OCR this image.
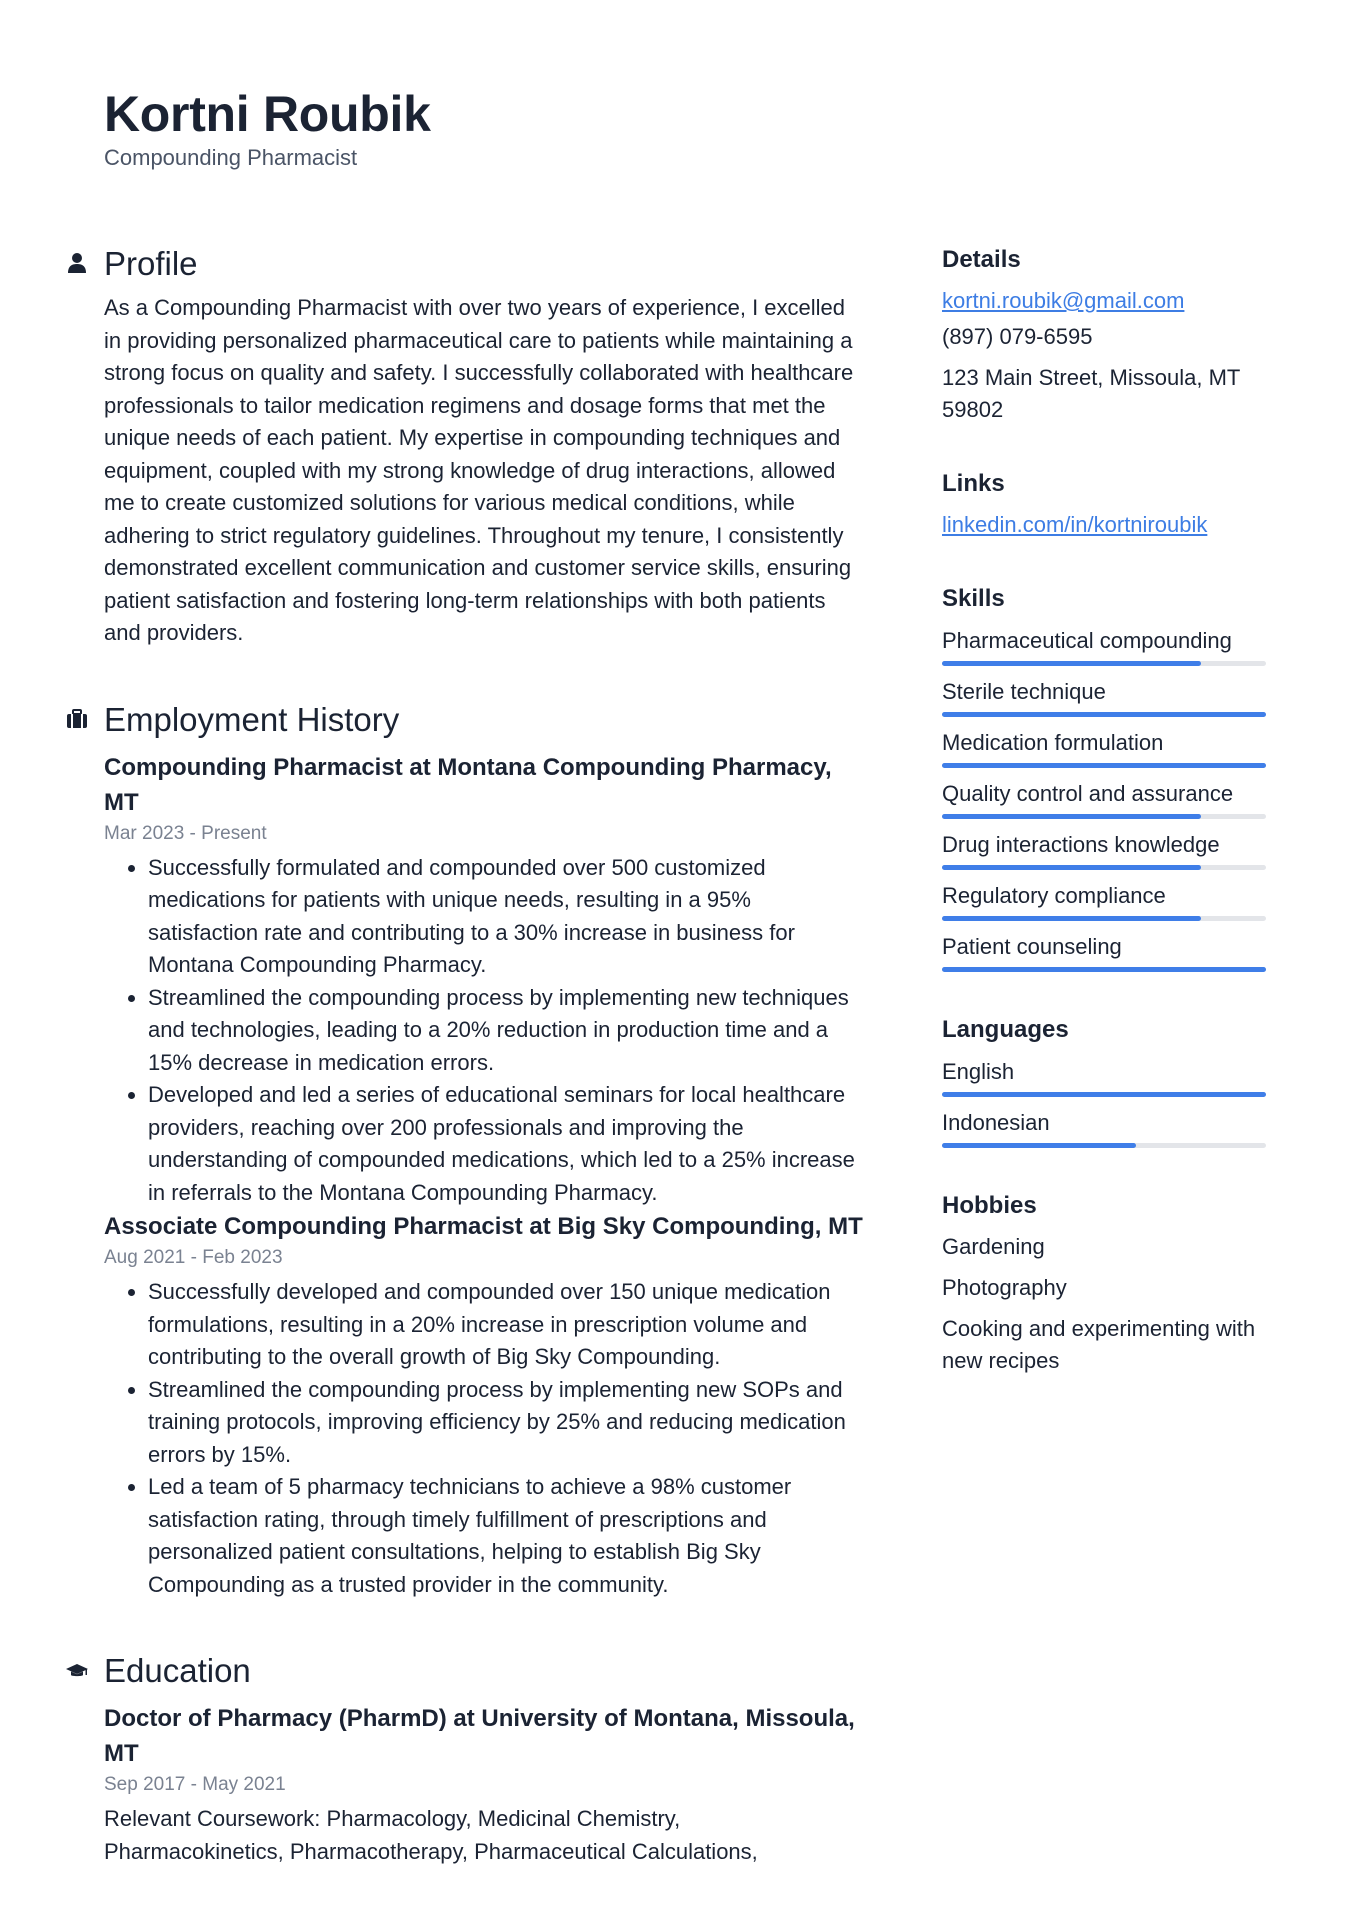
Kortni Roubik
Compounding Pharmacist
Profile

As a Compounding Pharmacist with over two years of experience, I excelled in providing personalized pharmaceutical care to patients while maintaining a strong focus on quality and safety. I successfully collaborated with healthcare professionals to tailor medication regimens and dosage forms that met the unique needs of each patient. My expertise in compounding techniques and equipment, coupled with my strong knowledge of drug interactions, allowed me to create customized solutions for various medical conditions, while adhering to strict regulatory guidelines. Throughout my tenure, I consistently demonstrated excellent communication and customer service skills, ensuring patient satisfaction and fostering long-term relationships with both patients and providers.

Employment History
Compounding Pharmacist at Montana Compounding Pharmacy, MT
Mar 2023 - Present
• Successfully formulated and compounded over 500 customized medications for patients with unique needs, resulting in a 95% satisfaction rate and contributing to a 30% increase in business for Montana Compounding Pharmacy.
• Streamlined the compounding process by implementing new techniques and technologies, leading to a 20% reduction in production time and a 15% decrease in medication errors.
• Developed and led a series of educational seminars for local healthcare providers, reaching over 200 professionals and improving the understanding of compounded medications, which led to a 25% increase in referrals to the Montana Compounding Pharmacy.
Associate Compounding Pharmacist at Big Sky Compounding, MT
Aug 2021 - Feb 2023
• Successfully developed and compounded over 150 unique medication formulations, resulting in a 20% increase in prescription volume and contributing to the overall growth of Big Sky Compounding.
• Streamlined the compounding process by implementing new SOPs and training protocols, improving efficiency by 25% and reducing medication errors by 15%.
• Led a team of 5 pharmacy technicians to achieve a 98% customer satisfaction rating, through timely fulfillment of prescriptions and personalized patient consultations, helping to establish Big Sky Compounding as a trusted provider in the community.
Education
Doctor of Pharmacy (PharmD) at University of Montana, Missoula, MT
Sep 2017 - May 2021

Relevant Coursework: Pharmacology, Medicinal Chemistry, Pharmacokinetics, Pharmacotherapy, Pharmaceutical Calculations,

Details
kortni.roubik@gmail.com
(897) 079-6595
123 Main Street, Missoula, MT 59802
Links
linkedin.com/in/kortniroubik
Skills
Pharmaceutical compounding
Sterile technique
Medication formulation
Quality control and assurance
Drug interactions knowledge
Regulatory compliance
Patient counseling
Languages
English
Indonesian
Hobbies
Gardening
Photography
Cooking and experimenting with new recipes
